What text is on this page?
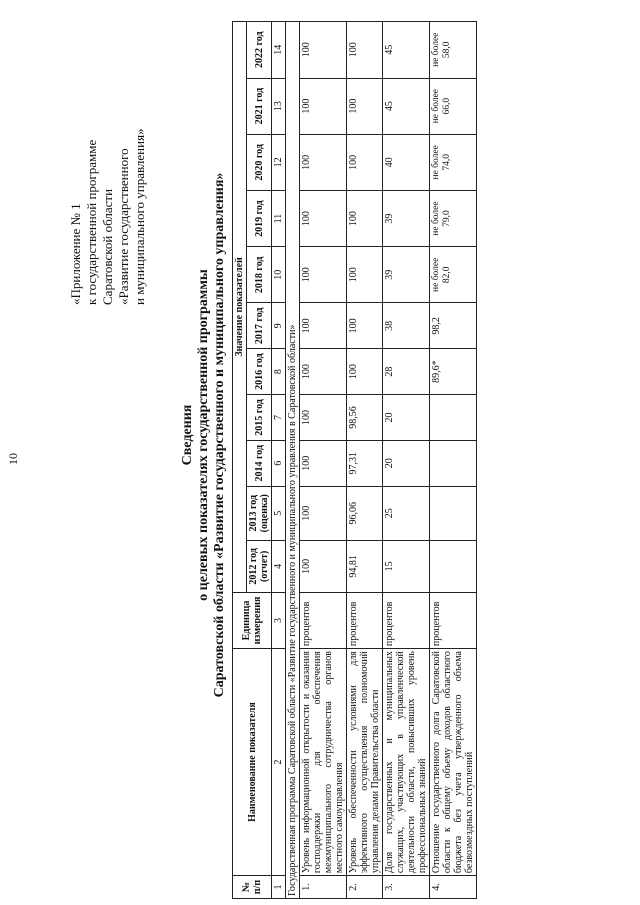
10
«Приложение № 1 к государственной программе Саратовской области «Развитие государственного и муниципального управления»
Сведения о целевых показателях государственной программы Саратовской области «Развитие государственного и муниципального управления»
№ п/п	Наименование показателя	Единица измерения	Значение показателей										
			2012 год (отчет)	2013 год (оценка)	2014 год	2015 год	2016 год	2017 год	2018 год	2019 год	2020 год	2021 год	2022 год
1	2	3	4	5	6	7	8	9	10	11	12	13	14
Государственная программа Саратовской области «Развитие государственного и муниципального управления в Саратовской области»													
1.	Уровень информационной открытости и оказания господдержки для обеспечения межмуниципального сотрудничества органов местного самоуправления	процентов	100	100	100	100	100	100	100	100	100	100	100
2.	Уровень обеспеченности условиями для эффективного осуществления полномочий управления делами Правительства области	процентов	94,81	96,06	97,31	98,56	100	100	100	100	100	100	100
3.	Доля государственных и муниципальных служащих, участвующих в управленческой деятельности области, повысивших уровень профессиональных знаний	процентов	15	25	20	20	28	38	39	39	40	45	45
4.	Отношение государственного долга Саратовской области к общему объему доходов областного бюджета без учета утвержденного объема безвозмездных поступлений	процентов					89,6*	98,2	не более 82,0	не более 79,0	не более 74,0	не более 66,0	не более 58,0
